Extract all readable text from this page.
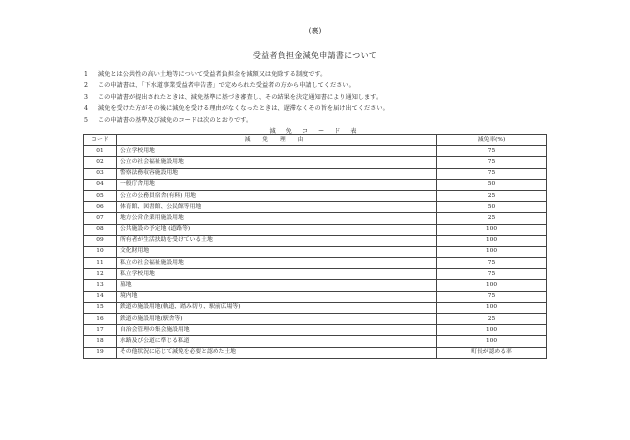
(裏)
受益者負担金減免申請書について
1	減免とは公共性の高い土地等について受益者負担金を減額又は免除する制度です。
2	この申請書は、「下水道事業受益者申告書」で定められた受益者の方から申請してください。
3	この申請書が提出されたときは、減免基準に基づき審査し、その結果を決定通知書により通知します。
4	減免を受けた方がその後に減免を受ける理由がなくなったときは、遅滞なくその旨を届け出てください。
5	この申請書の基準及び減免のコードは次のとおりです。
減 免 コ ー ド 表
コード	減 免 理 由	減免率(%)
01	公立学校用地	75
02	公立の社会福祉施設用地	75
03	警察法務収容施設用地	75
04	一般庁舎用地	50
05	公立の公務員宿舎(有料) 用地	25
06	体育館、図書館、公民館等用地	50
07	地方公営企業用施設用地	25
08	公共施設の予定地 (道路等)	100
09	所有者が生活扶助を受けている土地	100
10	文化財用地	100
11	私立の社会福祉施設用地	75
12	私立学校用地	75
13	墓地	100
14	境内地	75
15	鉄道の施設用地(軌道、踏み切り、駅前広場等)	100
16	鉄道の施設用地(駅舎等)	25
17	自治会管理の集会施設用地	100
18	水路及び公道に準じる私道	100
19	その他状況に応じて減免を必要と認めた土地	町長が認める率
